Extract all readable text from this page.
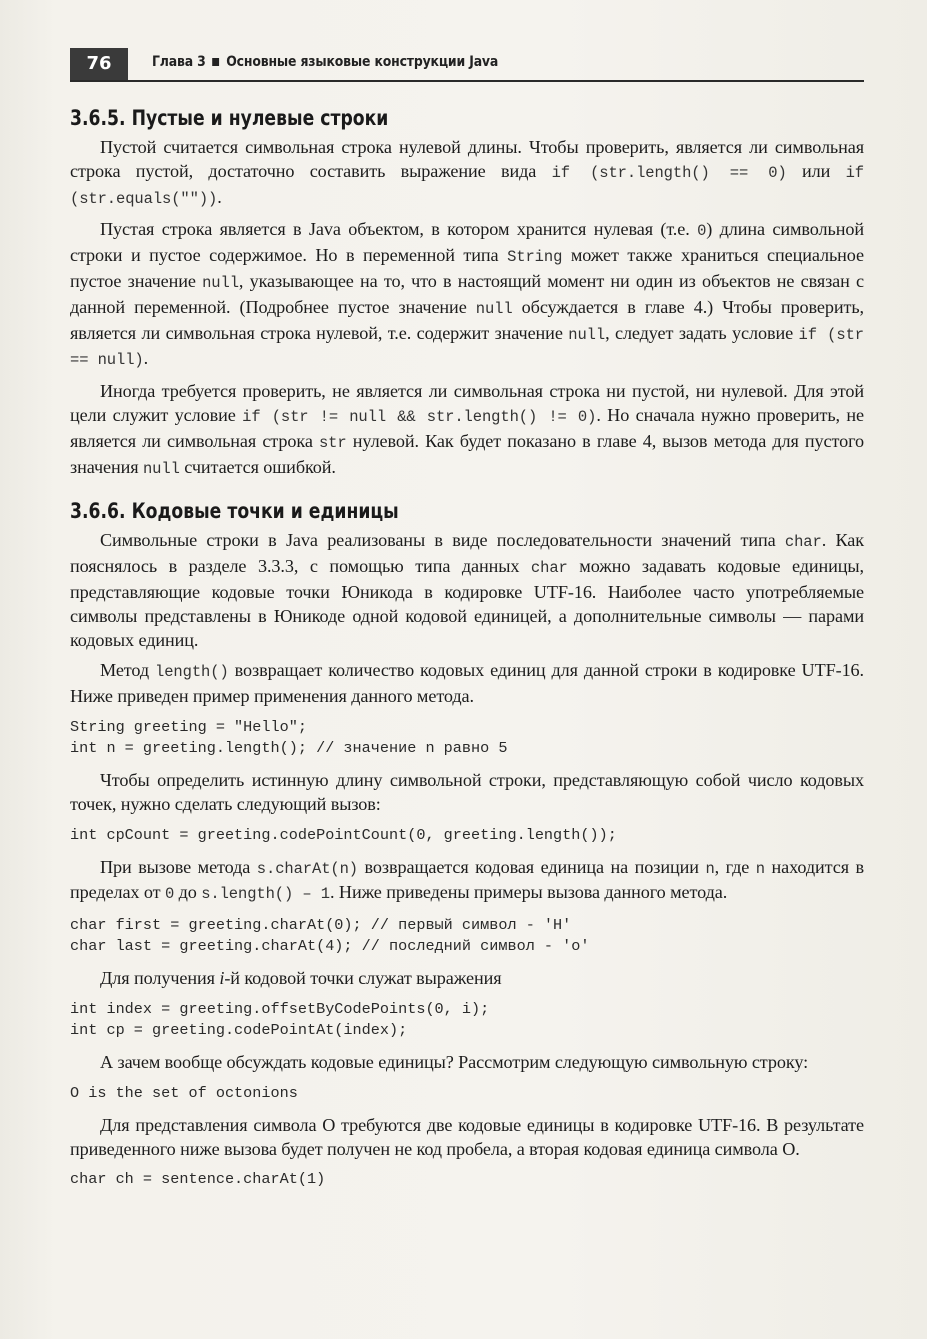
76	Глава 3 Основные языковые конструкции Java
3.6.5. Пустые и нулевые строки

Пустой считается символьная строка нулевой длины. Чтобы проверить, является ли символьная строка пустой, достаточно составить выражение вида if (str.length() == 0) или if (str.equals("")).

Пустая строка является в Java объектом, в котором хранится нулевая (т.е. 0) длина символьной строки и пустое содержимое. Но в переменной типа String может также храниться специальное пустое значение null, указывающее на то, что в настоящий момент ни один из объектов не связан с данной переменной. (Подробнее пустое значение null обсуждается в главе 4.) Чтобы проверить, является ли символьная строка нулевой, т.е. содержит значение null, следует задать условие if (str == null).

Иногда требуется проверить, не является ли символьная строка ни пустой, ни нулевой. Для этой цели служит условие if (str != null && str.length() != 0). Но сначала нужно проверить, не является ли символьная строка str нулевой. Как будет показано в главе 4, вызов метода для пустого значения null считается ошибкой.

3.6.6. Кодовые точки и единицы

Символьные строки в Java реализованы в виде последовательности значений типа char. Как пояснялось в разделе 3.3.3, с помощью типа данных char можно задавать кодовые единицы, представляющие кодовые точки Юникода в кодировке UTF-16. Наиболее часто употребляемые символы представлены в Юникоде одной кодовой единицей, а дополнительные символы — парами кодовых единиц.

Метод length() возвращает количество кодовых единиц для данной строки в кодировке UTF-16. Ниже приведен пример применения данного метода.

String greeting = "Hello";
int n = greeting.length(); // значение n равно 5

Чтобы определить истинную длину символьной строки, представляющую собой число кодовых точек, нужно сделать следующий вызов:

int cpCount = greeting.codePointCount(0, greeting.length());

При вызове метода s.charAt(n) возвращается кодовая единица на позиции n, где n находится в пределах от 0 до s.length() – 1. Ниже приведены примеры вызова данного метода.

char first = greeting.charAt(0); // первый символ - 'H'
char last = greeting.charAt(4); // последний символ - 'o'

Для получения i-й кодовой точки служат выражения

int index = greeting.offsetByCodePoints(0, i);
int cp = greeting.codePointAt(index);

А зачем вообще обсуждать кодовые единицы? Рассмотрим следующую символьную строку:

O is the set of octonions

Для представления символа O требуются две кодовые единицы в кодировке UTF-16. В результате приведенного ниже вызова будет получен не код пробела, а вторая кодовая единица символа O.

char ch = sentence.charAt(1)
